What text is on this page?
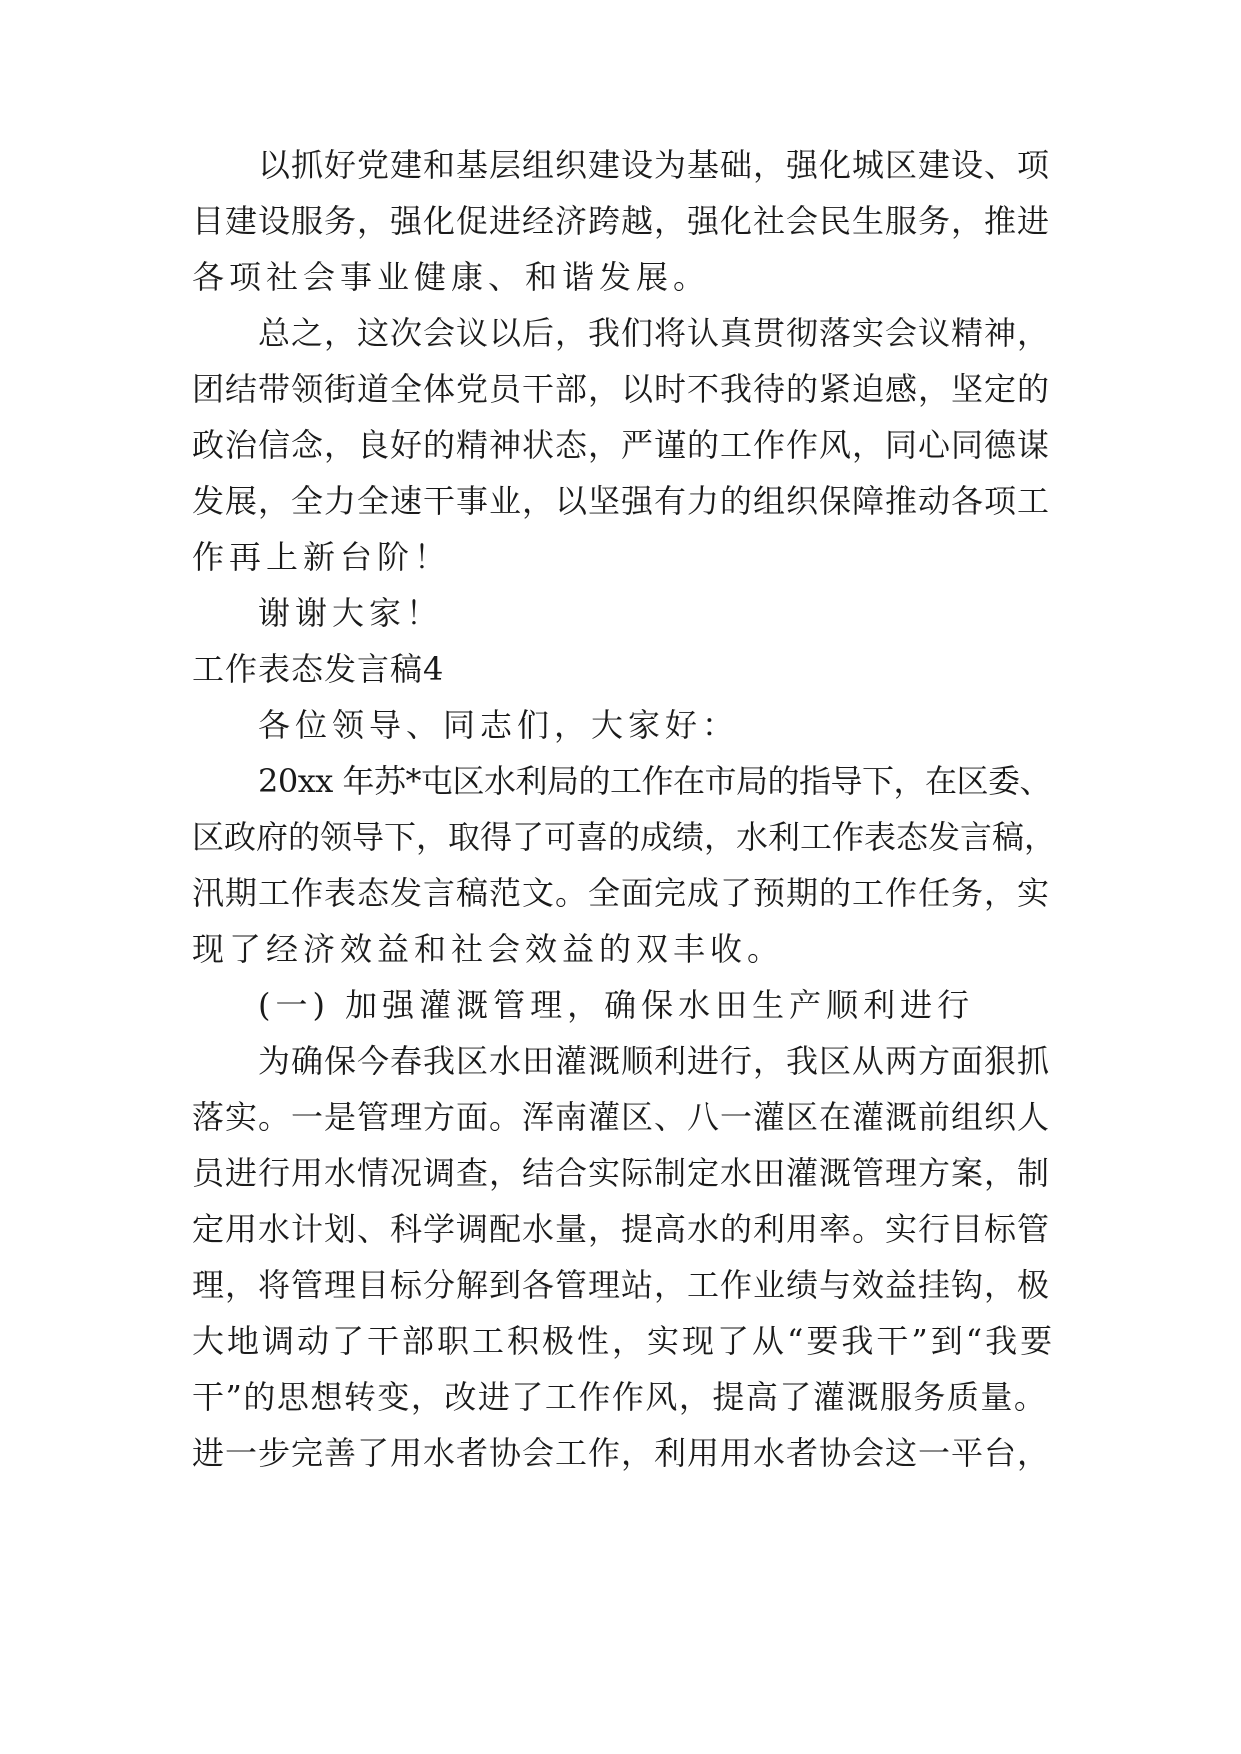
以抓好党建和基层组织建设为基础，强化城区建设、项
目建设服务，强化促进经济跨越，强化社会民生服务，推进
各项社会事业健康、和谐发展。
总之，这次会议以后，我们将认真贯彻落实会议精神，
团结带领街道全体党员干部，以时不我待的紧迫感，坚定的
政治信念，良好的精神状态，严谨的工作作风，同心同德谋
发展，全力全速干事业，以坚强有力的组织保障推动各项工
作再上新台阶！
谢谢大家！
工作表态发言稿4
各位领导、同志们，大家好：
20xx 年苏*屯区水利局的工作在市局的指导下，在区委、
区政府的领导下，取得了可喜的成绩，水利工作表态发言稿，
汛期工作表态发言稿范文。全面完成了预期的工作任务，实
现了经济效益和社会效益的双丰收。
(一) 加强灌溉管理，确保水田生产顺利进行
为确保今春我区水田灌溉顺利进行，我区从两方面狠抓
落实。一是管理方面。浑南灌区、八一灌区在灌溉前组织人
员进行用水情况调查，结合实际制定水田灌溉管理方案，制
定用水计划、科学调配水量，提高水的利用率。实行目标管
理，将管理目标分解到各管理站，工作业绩与效益挂钩，极
大地调动了干部职工积极性，实现了从“要我干”到“我要
干”的思想转变，改进了工作作风，提高了灌溉服务质量。
进一步完善了用水者协会工作，利用用水者协会这一平台，
